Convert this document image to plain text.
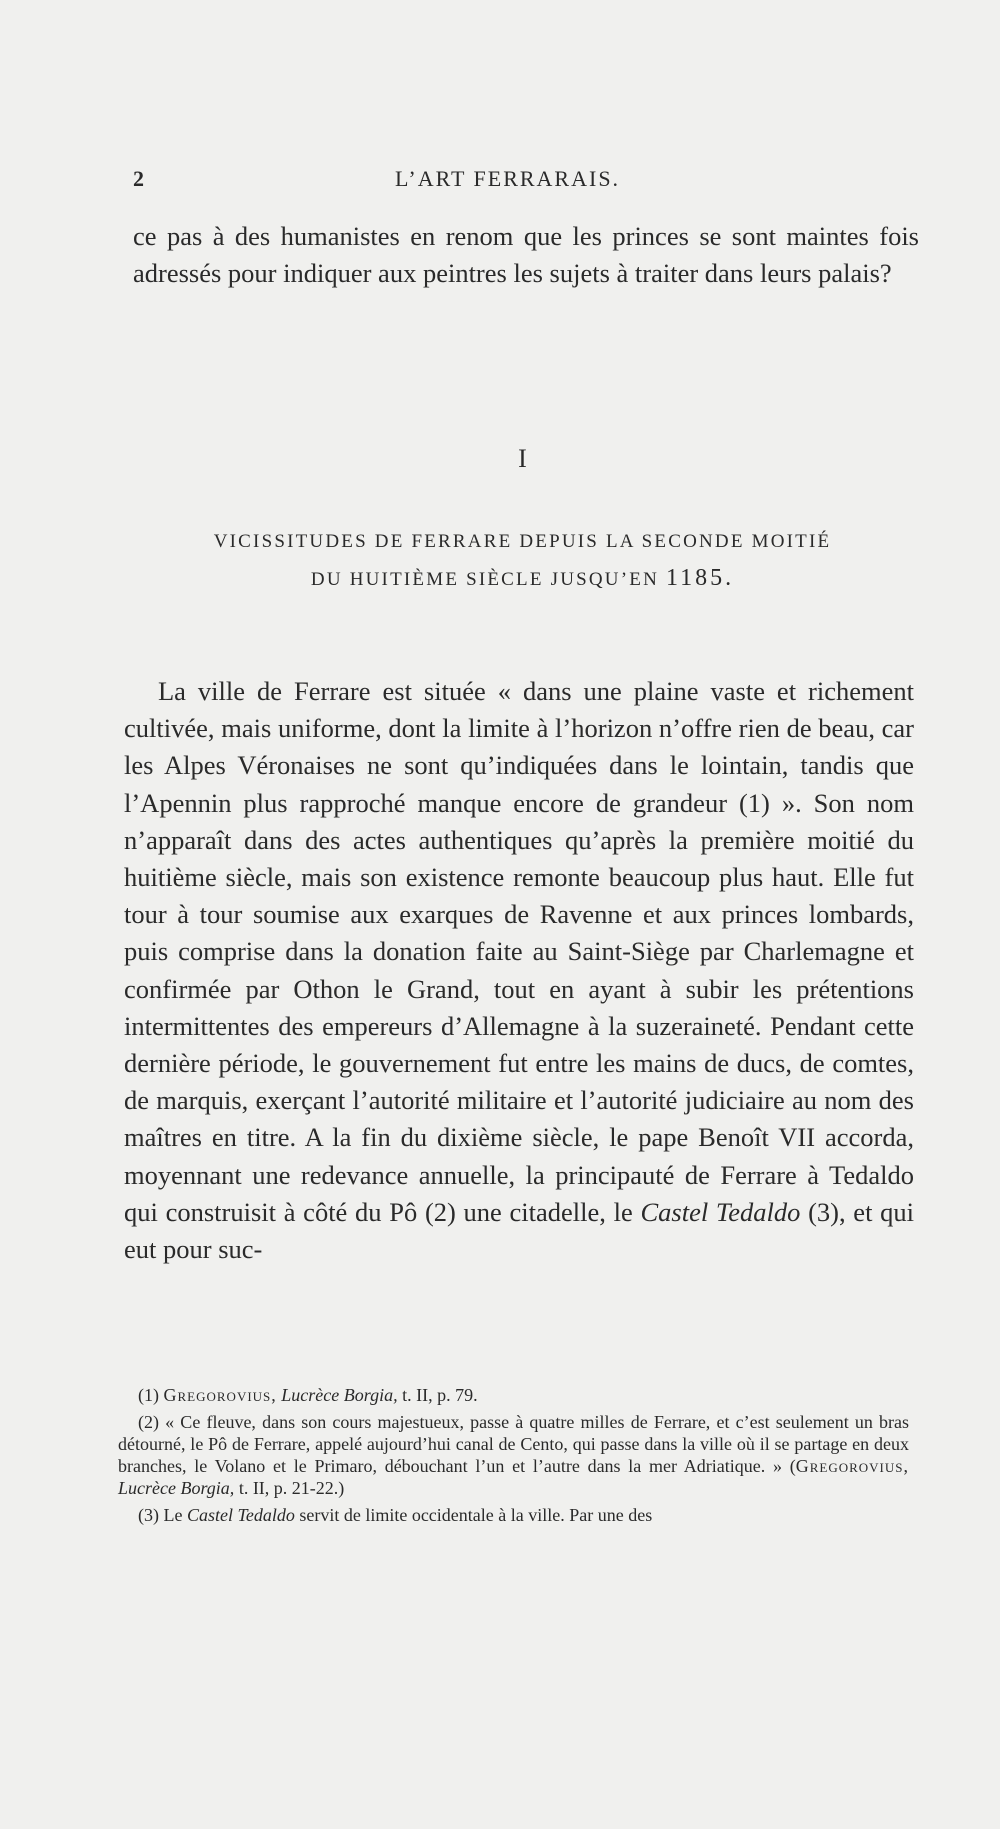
2	L’ART FERRARAIS.
ce pas à des humanistes en renom que les princes se sont maintes fois adressés pour indiquer aux peintres les sujets à traiter dans leurs palais?
I
VICISSITUDES DE FERRARE DEPUIS LA SECONDE MOITIÉ
DU HUITIÈME SIÈCLE JUSQU’EN 1185.
La ville de Ferrare est située « dans une plaine vaste et richement cultivée, mais uniforme, dont la limite à l’horizon n’offre rien de beau, car les Alpes Véronaises ne sont qu’indiquées dans le lointain, tandis que l’Apennin plus rapproché manque encore de grandeur (1) ». Son nom n’apparaît dans des actes authentiques qu’après la première moitié du huitième siècle, mais son existence remonte beaucoup plus haut. Elle fut tour à tour soumise aux exarques de Ravenne et aux princes lombards, puis comprise dans la donation faite au Saint-Siège par Charlemagne et confirmée par Othon le Grand, tout en ayant à subir les prétentions intermittentes des empereurs d’Allemagne à la suzeraineté. Pendant cette dernière période, le gouvernement fut entre les mains de ducs, de comtes, de marquis, exerçant l’autorité militaire et l’autorité judiciaire au nom des maîtres en titre. A la fin du dixième siècle, le pape Benoît VII accorda, moyennant une redevance annuelle, la principauté de Ferrare à Tedaldo qui construisit à côté du Pô (2) une citadelle, le Castel Tedaldo (3), et qui eut pour suc-

(1) Gregorovius, Lucrèce Borgia, t. II, p. 79.

(2) « Ce fleuve, dans son cours majestueux, passe à quatre milles de Ferrare, et c’est seulement un bras détourné, le Pô de Ferrare, appelé aujourd’hui canal de Cento, qui passe dans la ville où il se partage en deux branches, le Volano et le Primaro, débouchant l’un et l’autre dans la mer Adriatique. » (Gregorovius, Lucrèce Borgia, t. II, p. 21-22.)

(3) Le Castel Tedaldo servit de limite occidentale à la ville. Par une des
